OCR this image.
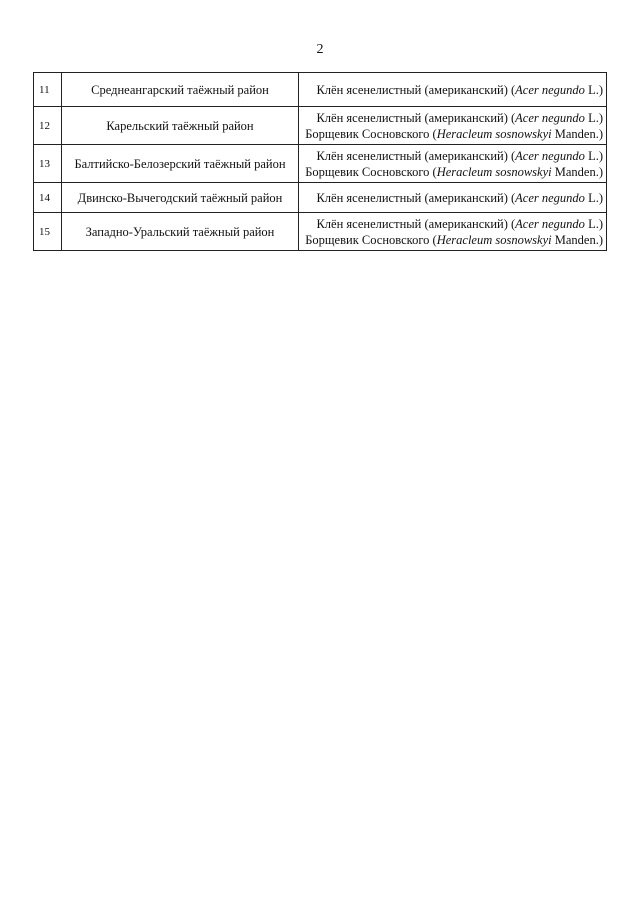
2
11	Среднеангарский таёжный район	Клён ясенелистный (американский) (Acer negundo L.)

12	Карельский таёжный район	Клён ясенелистный (американский) (Acer negundo L.)
Борщевик Сосновского (Heracleum sosnowskyi Manden.)

13	Балтийско-Белозерский таёжный район	Клён ясенелистный (американский) (Acer negundo L.)
Борщевик Сосновского (Heracleum sosnowskyi Manden.)

14	Двинско-Вычегодский таёжный район	Клён ясенелистный (американский) (Acer negundo L.)

15	Западно-Уральский таёжный район	Клён ясенелистный (американский) (Acer negundo L.)
Борщевик Сосновского (Heracleum sosnowskyi Manden.)
